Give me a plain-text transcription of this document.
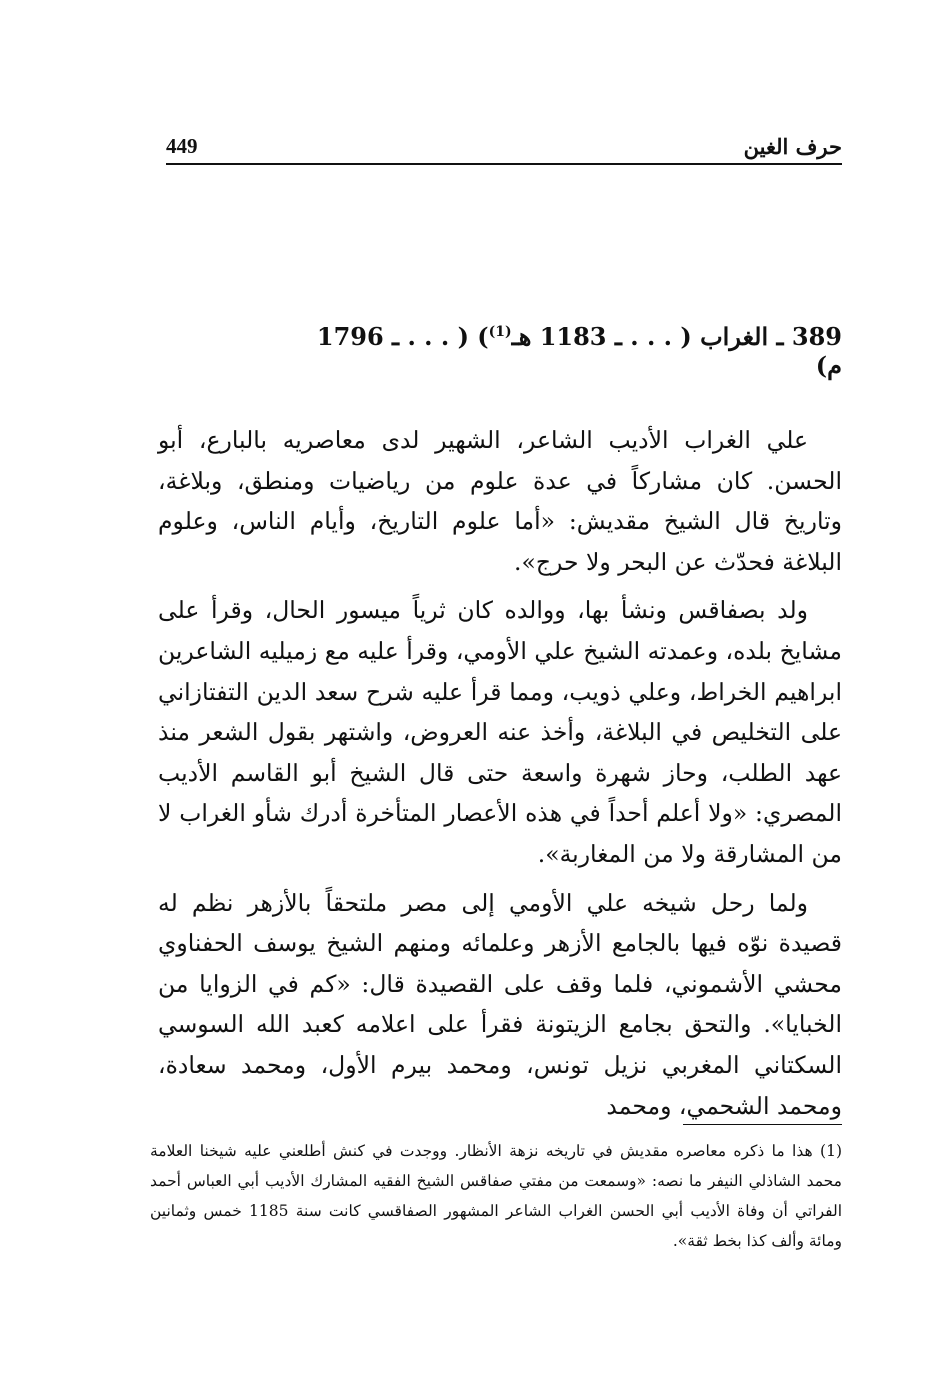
حرف الغين
449
389 ـ الغراب ( . . . ـ 1183 هـ$^{(1)}$) ( . . . ـ 1796 م)

علي الغراب الأديب الشاعر، الشهير لدى معاصريه بالبارع، أبو الحسن. كان مشاركاً في عدة علوم من رياضيات ومنطق، وبلاغة، وتاريخ قال الشيخ مقديش: «أما علوم التاريخ، وأيام الناس، وعلوم البلاغة فحدّث عن البحر ولا حرج».

ولد بصفاقس ونشأ بها، ووالده كان ثرياً ميسور الحال، وقرأ على مشايخ بلده، وعمدته الشيخ علي الأومي، وقرأ عليه مع زميليه الشاعرين ابراهيم الخراط، وعلي ذويب، ومما قرأ عليه شرح سعد الدين التفتازاني على التخليص في البلاغة، وأخذ عنه العروض، واشتهر بقول الشعر منذ عهد الطلب، وحاز شهرة واسعة حتى قال الشيخ أبو القاسم الأديب المصري: «ولا أعلم أحداً في هذه الأعصار المتأخرة أدرك شأو الغراب لا من المشارقة ولا من المغاربة».

ولما رحل شيخه علي الأومي إلى مصر ملتحقاً بالأزهر نظم له قصيدة نوّه فيها بالجامع الأزهر وعلمائه ومنهم الشيخ يوسف الحفناوي محشي الأشموني، فلما وقف على القصيدة قال: «كم في الزوايا من الخبايا». والتحق بجامع الزيتونة فقرأ على اعلامه كعبد الله السوسي السكتاني المغربي نزيل تونس، ومحمد بيرم الأول، ومحمد سعادة، ومحمد الشحمي، ومحمد

(1) هذا ما ذكره معاصره مقديش في تاريخه نزهة الأنظار. ووجدت في كنش أطلعني عليه شيخنا العلامة محمد الشاذلي النيفر ما نصه: «وسمعت من مفتي صفاقس الشيخ الفقيه المشارك الأديب أبي العباس أحمد الفراتي أن وفاة الأديب أبي الحسن الغراب الشاعر المشهور الصفاقسي كانت سنة 1185 خمس وثمانين ومائة وألف كذا بخط ثقة».
